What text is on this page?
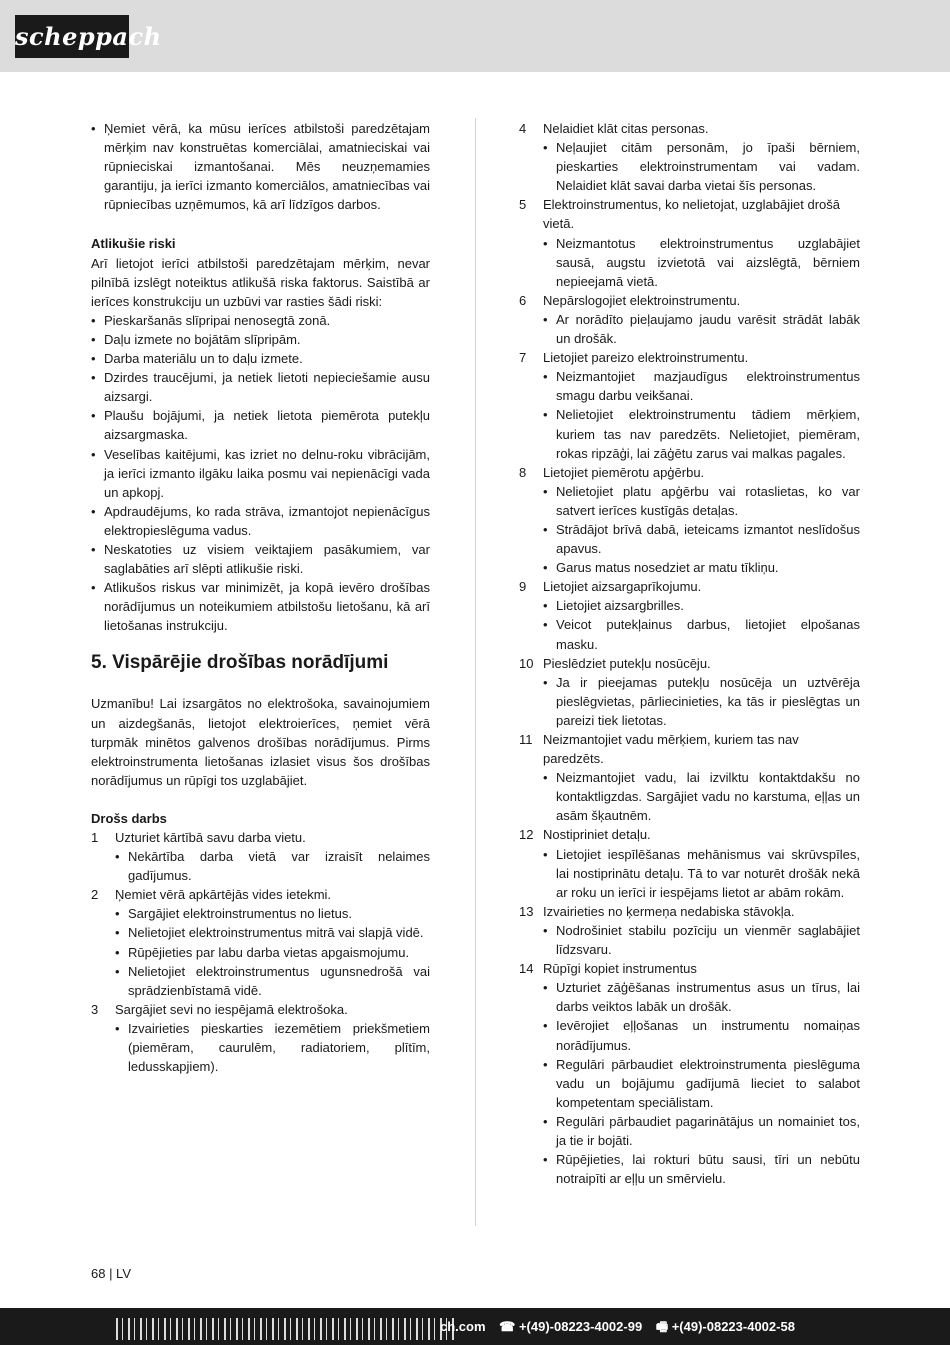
scheppach
• Ņemiet vērā, ka mūsu ierīces atbilstoši paredzētajam mērķim nav konstruētas komerciālai, amatnieciskai vai rūpnieciskai izmantošanai. Mēs neuzņemamies garantiju, ja ierīci izmanto komerciālos, amatniecības vai rūpniecības uzņēmumos, kā arī līdzīgos darbos.

Atlikušie riski

Arī lietojot ierīci atbilstoši paredzētajam mērķim, nevar pilnībā izslēgt noteiktus atlikušā riska faktorus. Saistībā ar ierīces konstrukciju un uzbūvi var rasties šādi riski:

• Pieskaršanās slīpripai nenosegtā zonā.
• Daļu izmete no bojātām slīpripām.
• Darba materiālu un to daļu izmete.
• Dzirdes traucējumi, ja netiek lietoti nepieciešamie ausu aizsargi.
• Plaušu bojājumi, ja netiek lietota piemērota putekļu aizsargmaska.
• Veselības kaitējumi, kas izriet no delnu-roku vibrācijām, ja ierīci izmanto ilgāku laika posmu vai nepienācīgi vada un apkopj.
• Apdraudējums, ko rada strāva, izmantojot nepienācīgus elektropieslēguma vadus.
• Neskatoties uz visiem veiktajiem pasākumiem, var saglabāties arī slēpti atlikušie riski.
• Atlikušos riskus var minimizēt, ja kopā ievēro drošības norādījumus un noteikumiem atbilstošu lietošanu, kā arī lietošanas instrukciju.

5. Vispārējie drošības norādījumi

Uzmanību! Lai izsargātos no elektrošoka, savainojumiem un aizdegšanās, lietojot elektroierīces, ņemiet vērā turpmāk minētos galvenos drošības norādījumus. Pirms elektroinstrumenta lietošanas izlasiet visus šos drošības norādījumus un rūpīgi tos uzglabājiet.

Drošs darbs

1 Uzturiet kārtībā savu darba vietu.
• Nekārtība darba vietā var izraisīt nelaimes gadījumus.
2 Ņemiet vērā apkārtējās vides ietekmi.
• Sargājiet elektroinstrumentus no lietus.
• Nelietojiet elektroinstrumentus mitrā vai slapjā vidē.
• Rūpējieties par labu darba vietas apgaismojumu.
• Nelietojiet elektroinstrumentus ugunsnedrošā vai sprādzienbīstamā vidē.
3 Sargājiet sevi no iespējamā elektrošoka.
• Izvairieties pieskarties iezemētiem priekšmetiem (piemēram, caurulēm, radiatoriem, plītīm, ledusskapjiem).
4 Nelaidiet klāt citas personas.
• Neļaujiet citām personām, jo īpaši bērniem, pieskarties elektroinstrumentam vai vadam. Nelaidiet klāt savai darba vietai šīs personas.
5 Elektroinstrumentus, ko nelietojat, uzglabājiet drošā vietā.
• Neizmantotus elektroinstrumentus uzglabājiet sausā, augstu izvietotā vai aizslēgtā, bērniem nepieejamā vietā.
6 Nepārslogojiet elektroinstrumentu.
• Ar norādīto pieļaujamo jaudu varēsit strādāt labāk un drošāk.
7 Lietojiet pareizo elektroinstrumentu.
• Neizmantojiet mazjaudīgus elektroinstrumentus smagu darbu veikšanai.
• Nelietojiet elektroinstrumentu tādiem mērķiem, kuriem tas nav paredzēts. Nelietojiet, piemēram, rokas ripzāģi, lai zāģētu zarus vai malkas pagales.
8 Lietojiet piemērotu apģērbu.
• Nelietojiet platu apģērbu vai rotaslietas, ko var satvert ierīces kustīgās detaļas.
• Strādājot brīvā dabā, ieteicams izmantot neslīdošus apavus.
• Garus matus nosedziet ar matu tīkliņu.
9 Lietojiet aizsargaprīkojumu.
• Lietojiet aizsargbrilles.
• Veicot putekļainus darbus, lietojiet elpošanas masku.
10 Pieslēdziet putekļu nosūcēju.
• Ja ir pieejamas putekļu nosūcēja un uztvērēja pieslēgvietas, pārliecinieties, ka tās ir pieslēgtas un pareizi tiek lietotas.
11 Neizmantojiet vadu mērķiem, kuriem tas nav paredzēts.
• Neizmantojiet vadu, lai izvilktu kontaktdakšu no kontaktligzdas. Sargājiet vadu no karstuma, eļļas un asām šķautnēm.
12 Nostipriniet detaļu.
• Lietojiet iespīlēšanas mehānismus vai skrūvspīles, lai nostiprinātu detaļu. Tā to var noturēt drošāk nekā ar roku un ierīci ir iespējams lietot ar abām rokām.
13 Izvairieties no ķermeņa nedabiska stāvokļa.
• Nodrošiniet stabilu pozīciju un vienmēr saglabājiet līdzsvaru.
14 Rūpīgi kopiet instrumentus
• Uzturiet zāģēšanas instrumentus asus un tīrus, lai darbs veiktos labāk un drošāk.
• Ievērojiet eļļošanas un instrumentu nomaiņas norādījumus.
• Regulāri pārbaudiet elektroinstrumenta pieslēguma vadu un bojājumu gadījumā lieciet to salabot kompetentam speciālistam.
• Regulāri pārbaudiet pagarinātājus un nomainiet tos, ja tie ir bojāti.
• Rūpējieties, lai rokturi būtu sausi, tīri un nebūtu notraipīti ar eļļu un smērvielu.
68 | LV
ch.com ☎ +(49)-08223-4002-99 🖷 +(49)-08223-4002-58
